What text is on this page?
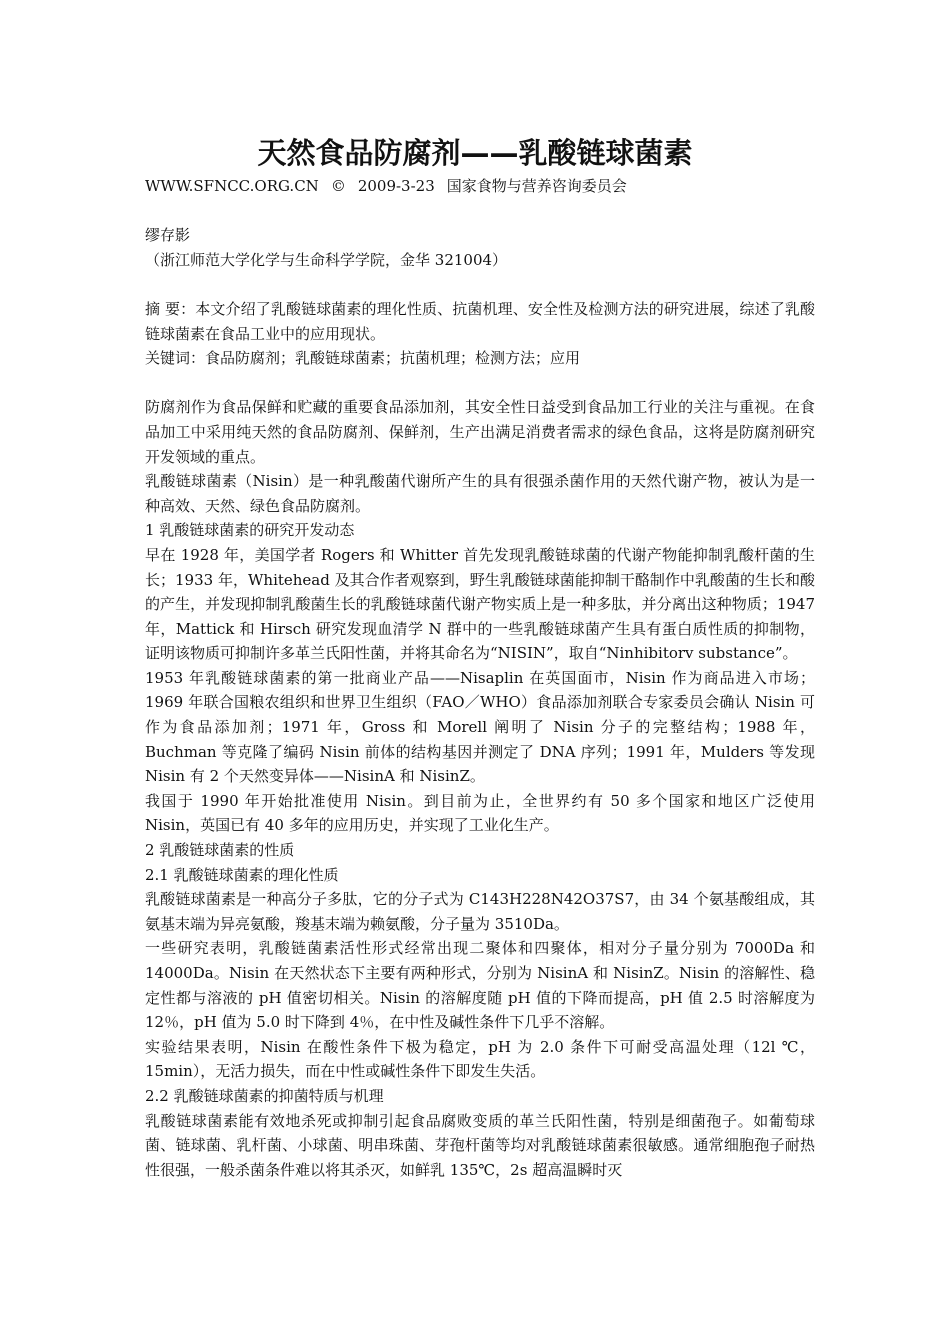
天然食品防腐剂——乳酸链球菌素

WWW.SFNCC.ORG.CN © 2009-3-23 国家食物与营养咨询委员会

缪存影

（浙江师范大学化学与生命科学学院，金华 321004）

摘 要：本文介绍了乳酸链球菌素的理化性质、抗菌机理、安全性及检测方法的研究进展，综述了乳酸链球菌素在食品工业中的应用现状。

关键词：食品防腐剂；乳酸链球菌素；抗菌机理；检测方法；应用

防腐剂作为食品保鲜和贮藏的重要食品添加剂，其安全性日益受到食品加工行业的关注与重视。在食品加工中采用纯天然的食品防腐剂、保鲜剂，生产出满足消费者需求的绿色食品，这将是防腐剂研究开发领域的重点。

乳酸链球菌素（Nisin）是一种乳酸菌代谢所产生的具有很强杀菌作用的天然代谢产物，被认为是一种高效、天然、绿色食品防腐剂。

1 乳酸链球菌素的研究开发动态

早在 1928 年，美国学者 Rogers 和 Whitter 首先发现乳酸链球菌的代谢产物能抑制乳酸杆菌的生长；1933 年，Whitehead 及其合作者观察到，野生乳酸链球菌能抑制干酪制作中乳酸菌的生长和酸的产生，并发现抑制乳酸菌生长的乳酸链球菌代谢产物实质上是一种多肽，并分离出这种物质；1947 年，Mattick 和 Hirsch 研究发现血清学 N 群中的一些乳酸链球菌产生具有蛋白质性质的抑制物，证明该物质可抑制许多革兰氏阳性菌，并将其命名为“NISIN”，取自“Ninhibitorv substance”。

1953 年乳酸链球菌素的第一批商业产品——Nisaplin 在英国面市，Nisin 作为商品进入市场；1969 年联合国粮农组织和世界卫生组织（FAO／WHO）食品添加剂联合专家委员会确认 Nisin 可作为食品添加剂；1971 年，Gross 和 Morell 阐明了 Nisin 分子的完整结构；1988 年，Buchman 等克隆了编码 Nisin 前体的结构基因并测定了 DNA 序列；1991 年，Mulders 等发现 Nisin 有 2 个天然变异体——NisinA 和 NisinZ。

我国于 1990 年开始批准使用 Nisin。到目前为止，全世界约有 50 多个国家和地区广泛使用 Nisin，英国已有 40 多年的应用历史，并实现了工业化生产。

2 乳酸链球菌素的性质

2.1 乳酸链球菌素的理化性质

乳酸链球菌素是一种高分子多肽，它的分子式为 C143H228N42O37S7，由 34 个氨基酸组成，其氨基末端为异亮氨酸，羧基末端为赖氨酸，分子量为 3510Da。

一些研究表明，乳酸链菌素活性形式经常出现二聚体和四聚体，相对分子量分别为 7000Da 和 14000Da。Nisin 在天然状态下主要有两种形式，分别为 NisinA 和 NisinZ。Nisin 的溶解性、稳定性都与溶液的 pH 值密切相关。Nisin 的溶解度随 pH 值的下降而提高，pH 值 2.5 时溶解度为 12％，pH 值为 5.0 时下降到 4％，在中性及碱性条件下几乎不溶解。

实验结果表明，Nisin 在酸性条件下极为稳定，pH 为 2.0 条件下可耐受高温处理（12l ℃，15min），无活力损失，而在中性或碱性条件下即发生失活。

2.2 乳酸链球菌素的抑菌特质与机理

乳酸链球菌素能有效地杀死或抑制引起食品腐败变质的革兰氏阳性菌，特别是细菌孢子。如葡萄球菌、链球菌、乳杆菌、小球菌、明串珠菌、芽孢杆菌等均对乳酸链球菌素很敏感。通常细胞孢子耐热性很强，一般杀菌条件难以将其杀灭，如鲜乳 135℃，2s 超高温瞬时灭
